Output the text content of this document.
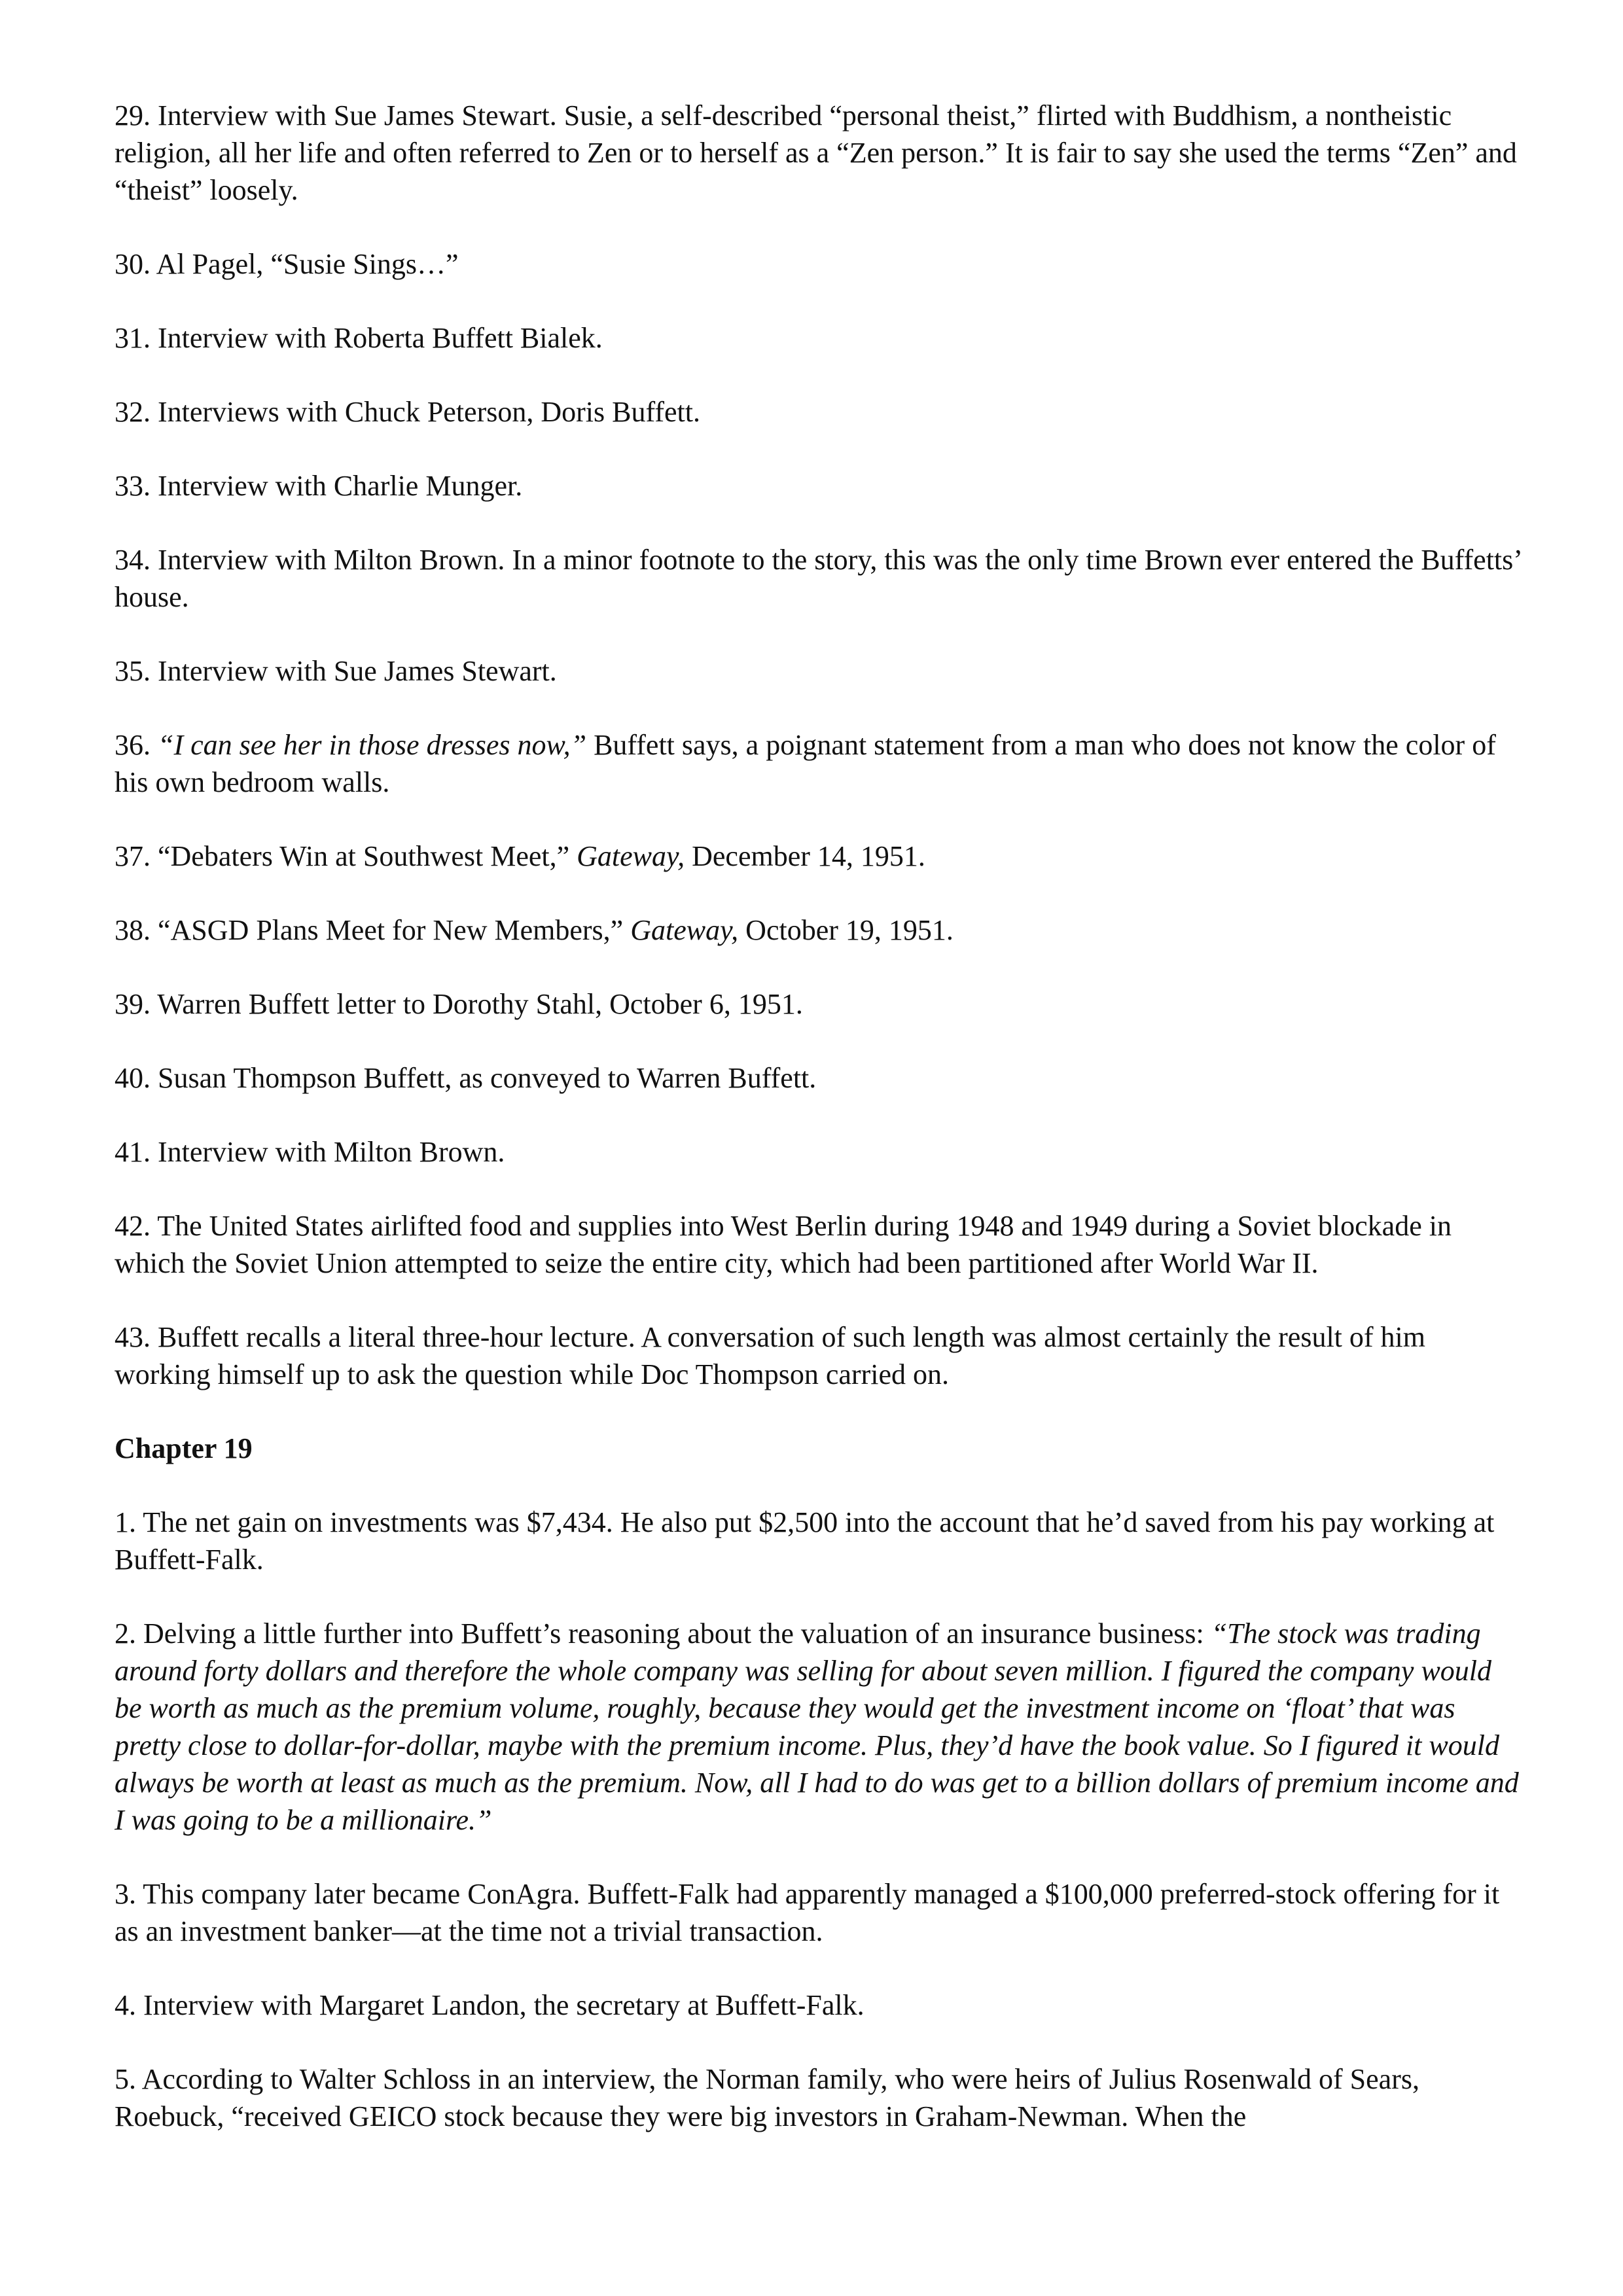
29. Interview with Sue James Stewart. Susie, a self-described “personal theist,” flirted with Buddhism, a nontheistic religion, all her life and often referred to Zen or to herself as a “Zen person.” It is fair to say she used the terms “Zen” and “theist” loosely.

30. Al Pagel, “Susie Sings…”

31. Interview with Roberta Buffett Bialek.

32. Interviews with Chuck Peterson, Doris Buffett.

33. Interview with Charlie Munger.

34. Interview with Milton Brown. In a minor footnote to the story, this was the only time Brown ever entered the Buffetts’ house.

35. Interview with Sue James Stewart.

36. “I can see her in those dresses now,” Buffett says, a poignant statement from a man who does not know the color of his own bedroom walls.

37. “Debaters Win at Southwest Meet,” Gateway, December 14, 1951.

38. “ASGD Plans Meet for New Members,” Gateway, October 19, 1951.

39. Warren Buffett letter to Dorothy Stahl, October 6, 1951.

40. Susan Thompson Buffett, as conveyed to Warren Buffett.

41. Interview with Milton Brown.

42. The United States airlifted food and supplies into West Berlin during 1948 and 1949 during a Soviet blockade in which the Soviet Union attempted to seize the entire city, which had been partitioned after World War II.

43. Buffett recalls a literal three-hour lecture. A conversation of such length was almost certainly the result of him working himself up to ask the question while Doc Thompson carried on.

Chapter 19

1. The net gain on investments was $7,434. He also put $2,500 into the account that he’d saved from his pay working at Buffett-Falk.

2. Delving a little further into Buffett’s reasoning about the valuation of an insurance business: “The stock was trading around forty dollars and therefore the whole company was selling for about seven million. I figured the company would be worth as much as the premium volume, roughly, because they would get the investment income on ‘float’ that was pretty close to dollar-for-dollar, maybe with the premium income. Plus, they’d have the book value. So I figured it would always be worth at least as much as the premium. Now, all I had to do was get to a billion dollars of premium income and I was going to be a millionaire.”

3. This company later became ConAgra. Buffett-Falk had apparently managed a $100,000 preferred-stock offering for it as an investment banker—at the time not a trivial transaction.

4. Interview with Margaret Landon, the secretary at Buffett-Falk.

5. According to Walter Schloss in an interview, the Norman family, who were heirs of Julius Rosenwald of Sears, Roebuck, “received GEICO stock because they were big investors in Graham-Newman. When the
